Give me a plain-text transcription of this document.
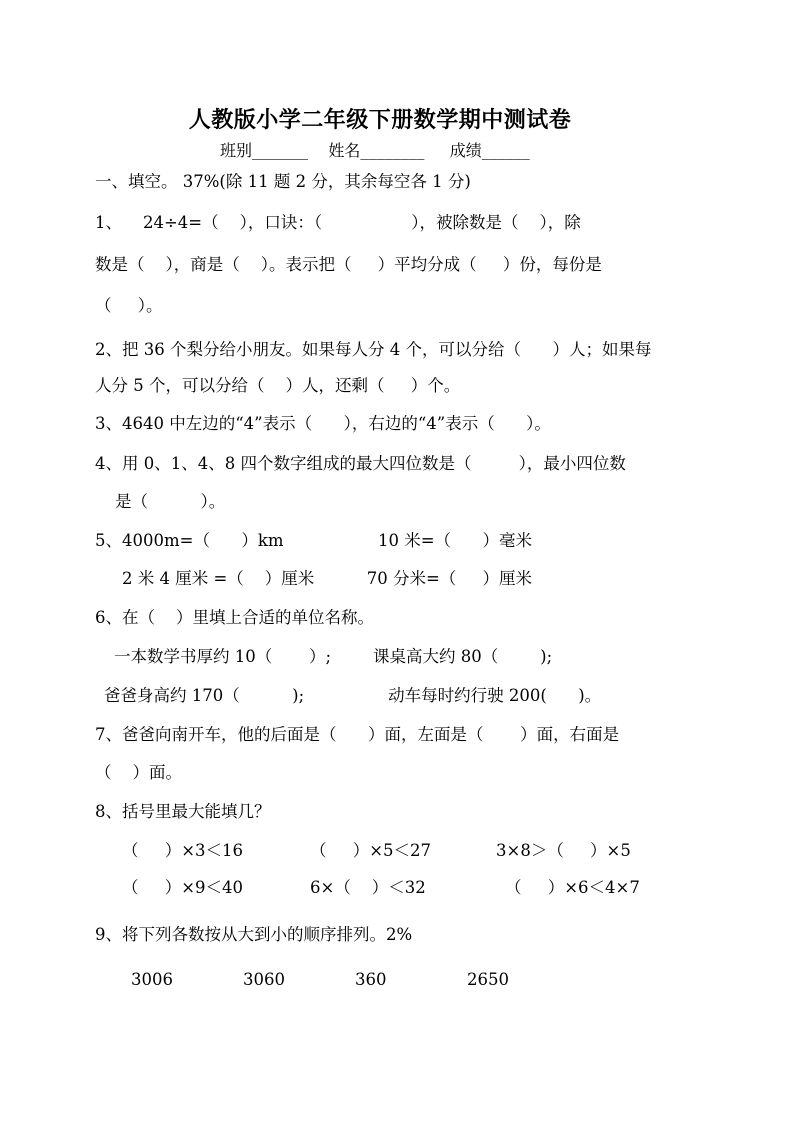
人教版小学二年级下册数学期中测试卷
班别_______    姓名________     成绩______
一、填空。 37%(除 11 题 2 分，其余每空各 1 分)
1、    24÷4=（    ），口诀：（                 ），被除数是（    ），除
数是（    ），商是（    ）。表示把（     ）平均分成（     ）份，每份是
（     ）。
2、把 36 个梨分给小朋友。如果每人分 4 个，可以分给（      ）人；如果每
人分 5 个，可以分给（    ）人，还剩（     ）个。
3、4640 中左边的“4”表示（      ），右边的“4”表示（      ）。
4、用 0、1、4、8 四个数字组成的最大四位数是（         ），最小四位数
是（          ）。
5、4000m=（      ）km                  10 米=（      ）毫米
2 米 4 厘米 =（    ）厘米          70 分米=（     ）厘米
6、在（    ）里填上合适的单位名称。
一本数学书厚约 10（       ）;        课桌高大约 80（        );
爸爸身高约 170（          );                动车每时约行驶 200(      )。
7、爸爸向南开车，他的后面是（      ）面，左面是（       ）面，右面是
（    ）面。
8、括号里最大能填几？
（     ）×3＜16	（     ）×5＜27	3×8＞（     ）×5
（     ）×9＜40	6×（    ）＜32	（     ）×6＜4×7
9、将下列各数按从大到小的顺序排列。2%
3006	3060	360	2650
